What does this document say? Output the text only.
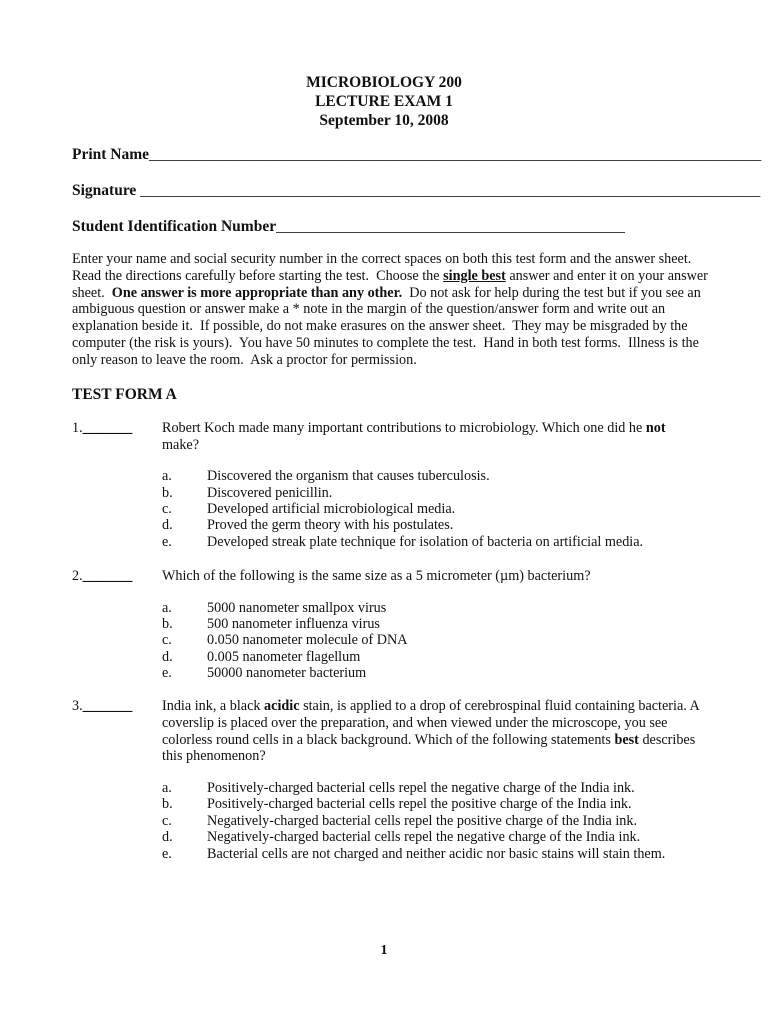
MICROBIOLOGY 200
LECTURE EXAM 1
September 10, 2008
Print Name_______________________________________________________________________________
Signature ________________________________________________________________________________
Student Identification Number_____________________________________________
Enter your name and social security number in the correct spaces on both this test form and the answer sheet.
Read the directions carefully before starting the test.  Choose the single best answer and enter it on your answer
sheet.  One answer is more appropriate than any other.  Do not ask for help during the test but if you see an
ambiguous question or answer make a * note in the margin of the question/answer form and write out an
explanation beside it.  If possible, do not make erasures on the answer sheet.  They may be misgraded by the
computer (the risk is yours).  You have 50 minutes to complete the test.  Hand in both test forms.  Illness is the
only reason to leave the room.  Ask a proctor for permission.
TEST FORM A
1._______ Robert Koch made many important contributions to microbiology. Which one did he not
make?
a. Discovered the organism that causes tuberculosis.
b. Discovered penicillin.
c. Developed artificial microbiological media.
d. Proved the germ theory with his postulates.
e. Developed streak plate technique for isolation of bacteria on artificial media.
2._______ Which of the following is the same size as a 5 micrometer (µm) bacterium?
a. 5000 nanometer smallpox virus
b. 500 nanometer influenza virus
c. 0.050 nanometer molecule of DNA
d. 0.005 nanometer flagellum
e. 50000 nanometer bacterium
3._______ India ink, a black acidic stain, is applied to a drop of cerebrospinal fluid containing bacteria. A
coverslip is placed over the preparation, and when viewed under the microscope, you see
colorless round cells in a black background. Which of the following statements best describes
this phenomenon?
a. Positively-charged bacterial cells repel the negative charge of the India ink.
b. Positively-charged bacterial cells repel the positive charge of the India ink.
c. Negatively-charged bacterial cells repel the positive charge of the India ink.
d. Negatively-charged bacterial cells repel the negative charge of the India ink.
e. Bacterial cells are not charged and neither acidic nor basic stains will stain them.
1
